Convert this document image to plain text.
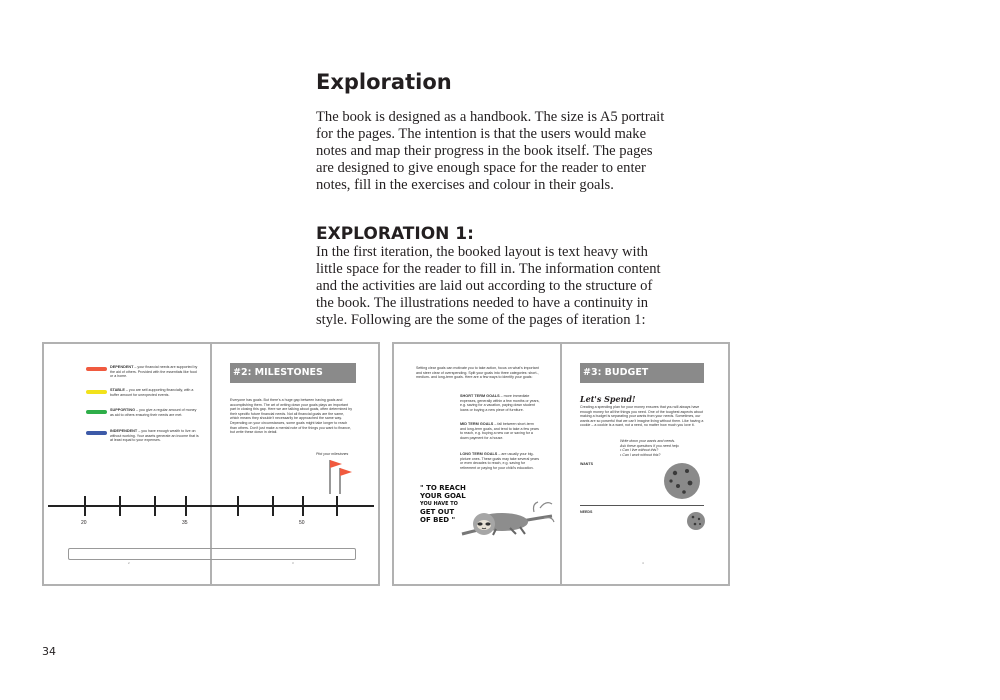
Exploration

The book is designed as a handbook. The size is A5 portrait for the pages. The intention is that the users would make notes and map their progress in the book itself. The pages are designed to give enough space for the reader to enter notes, fill in the exercises and colour in their goals.

EXPLORATION 1:

In the first iteration, the booked layout is text heavy with little space for the reader to fill in. The information content and the activities are laid out according to the structure of the book. The illustrations needed to have a continuity in style. Following are the some of the pages of iteration 1:

DEPENDENT – your financial needs are supported by the aid of others. Provided with the essentials like food or a home.
STABLE – you are self-supporting financially, with a buffer amount for unexpected events.
SUPPORTING – you give a regular amount of money as aid to others ensuring their needs are met.
INDEPENDENT – you have enough wealth to live on without working. Your assets generate an income that is at least equal to your expenses.
#2: MILESTONES
Everyone has goals. But there's a huge gap between having goals and accomplishing them. The art of writing down your goals plays an important part in closing this gap. Here we are talking about goals, often determined by their specific future financial needs. Not all financial goals are the same, which means they shouldn't necessarily be approached the same way. Depending on your circumstances, some goals might take longer to reach than others. Don't just make a mental note of the things you want to finance, but write these down in detail.
Plot your milestones
20	35	50
2	3
Setting clear goals can motivate you to take action, focus on what's important and steer clear of overspending. Split your goals into three categories: short-, medium- and long-term goals. Here are a few ways to identify your goals:
SHORT TERM GOALS – more immediate expenses, generally within a few months or years, e.g. saving for a vacation, paying down student loans or buying a new piece of furniture.
MID TERM GOALS – fall between short-term and long-term goals, and tend to take a few years to reach, e.g. buying a new car or saving for a down payment for a house.
LONG TERM GOALS – are usually your big-picture ones. These goals may take several years or even decades to reach, e.g. saving for retirement or paying for your child's education.
" TO REACH
YOUR GOAL
YOU HAVE TO
GET OUT
OF BED "
#3: BUDGET
Let's Spend!
Creating a spending plan for your money ensures that you will always have enough money for all the things you need. One of the toughest aspects about making a budget is separating your wants from your needs. Sometimes, our wants are so powerful that we can't imagine living without them. Like having a cookie – a cookie is a want, not a need, no matter how much you love it.
Write down your wants and needs.
Ask these questions if you need help.
• Can I live without this?
• Can I work without this?
WANTS
NEEDS
4
34
